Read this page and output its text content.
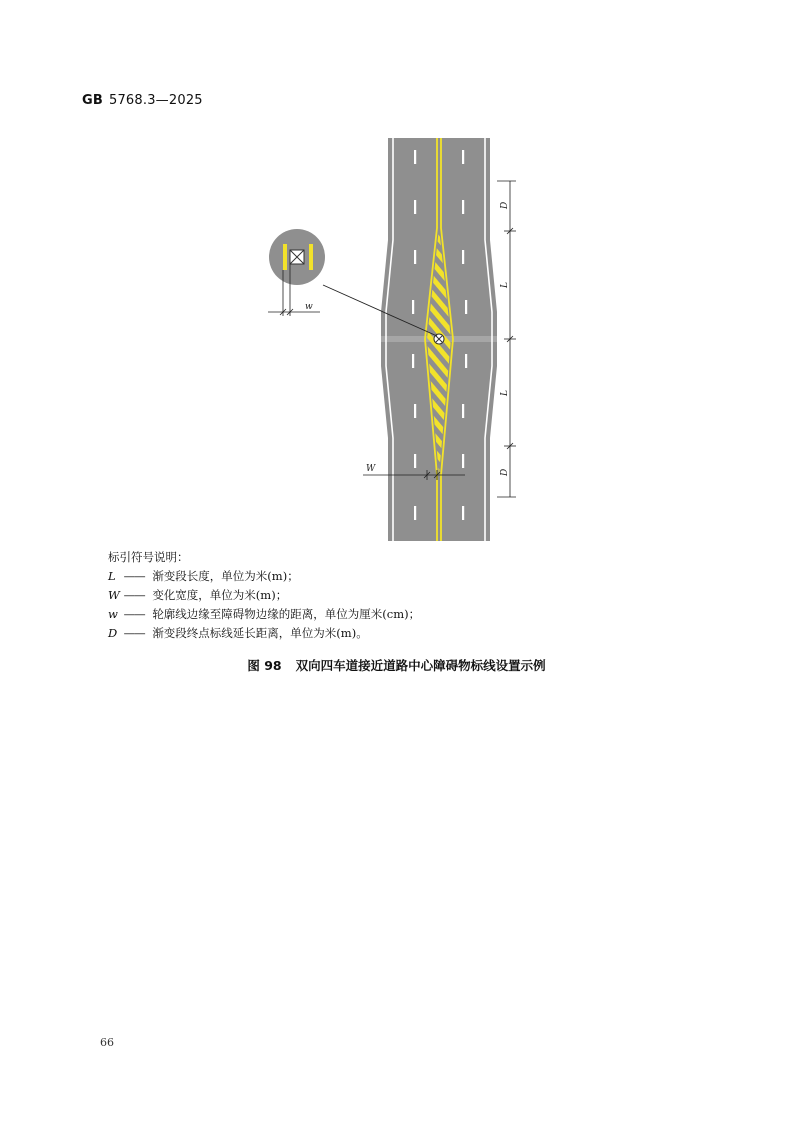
GB 5768.3—2025
w
D
L
L
D
W
标引符号说明：
L —— 渐变段长度，单位为米(m)；
W —— 变化宽度，单位为米(m)；
w —— 轮廓线边缘至障碍物边缘的距离，单位为厘米(cm)；
D —— 渐变段终点标线延长距离，单位为米(m)。
图 98 双向四车道接近道路中心障碍物标线设置示例
66
